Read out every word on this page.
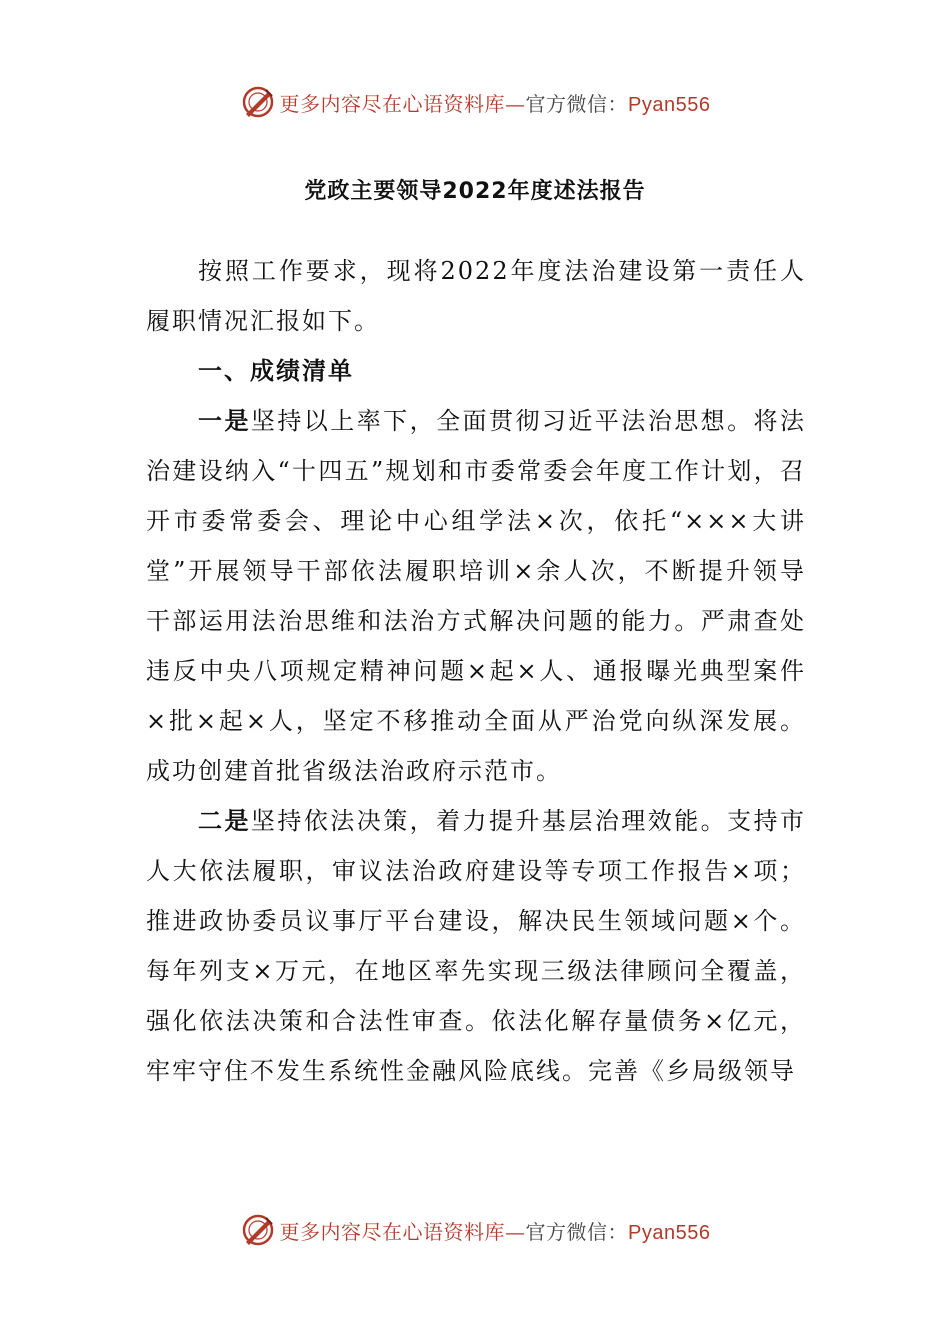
更多内容尽在心语资料库—官方微信：Pyan556
党政主要领导2022年度述法报告

按照工作要求，现将2022年度法治建设第一责任人履职情况汇报如下。

一、成绩清单

一是坚持以上率下，全面贯彻习近平法治思想。将法治建设纳入“十四五”规划和市委常委会年度工作计划，召开市委常委会、理论中心组学法×次，依托“×××大讲堂”开展领导干部依法履职培训×余人次，不断提升领导干部运用法治思维和法治方式解决问题的能力。严肃查处违反中央八项规定精神问题×起×人、通报曝光典型案件×批×起×人，坚定不移推动全面从严治党向纵深发展。成功创建首批省级法治政府示范市。

二是坚持依法决策，着力提升基层治理效能。支持市人大依法履职，审议法治政府建设等专项工作报告×项；推进政协委员议事厅平台建设，解决民生领域问题×个。每年列支×万元，在地区率先实现三级法律顾问全覆盖，强化依法决策和合法性审查。依法化解存量债务×亿元，牢牢守住不发生系统性金融风险底线。完善《乡局级领导

更多内容尽在心语资料库—官方微信：Pyan556
